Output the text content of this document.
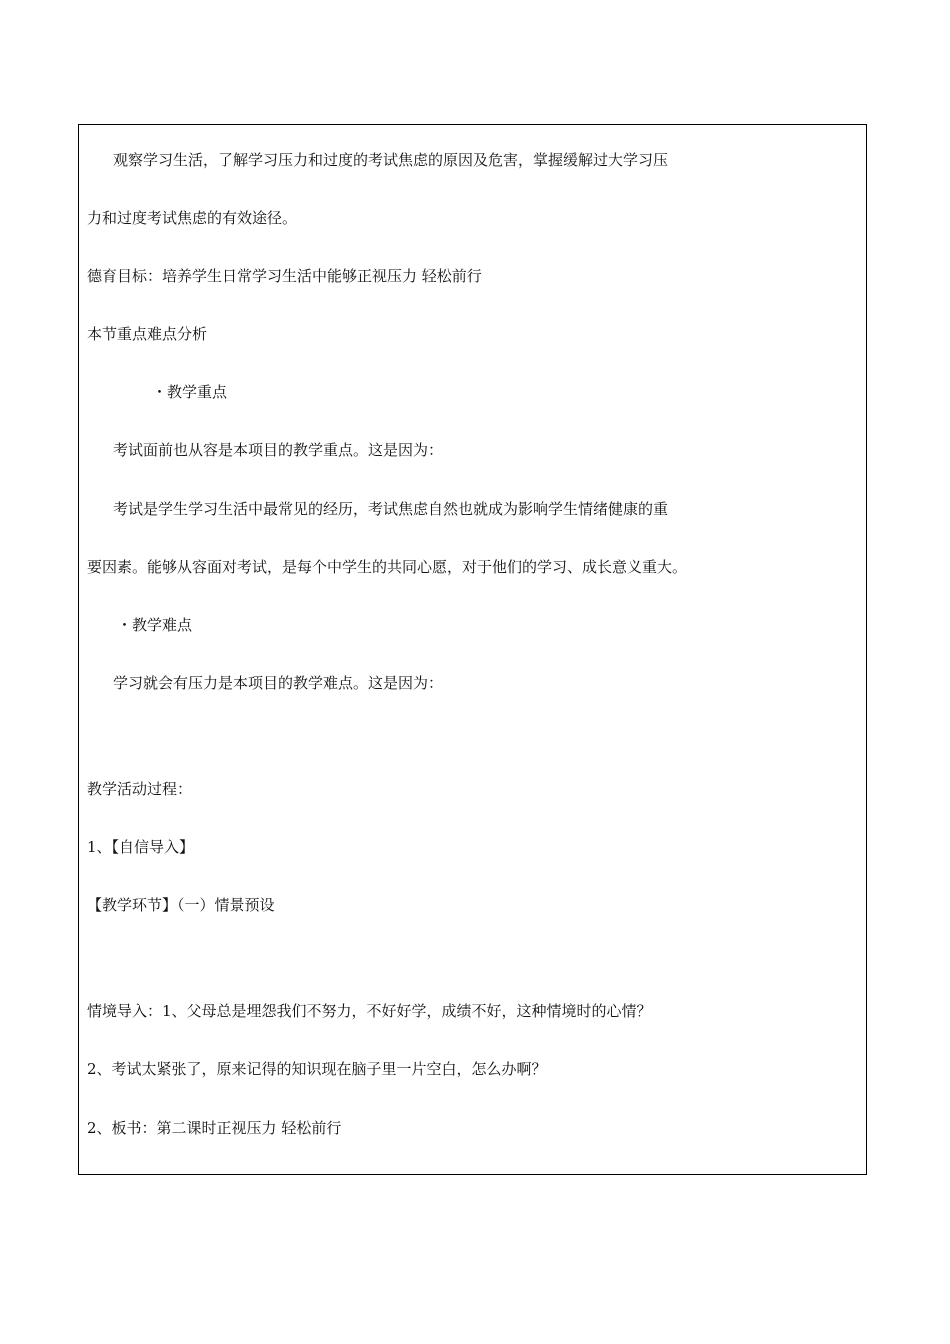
观察学习生活，了解学习压力和过度的考试焦虑的原因及危害，掌握缓解过大学习压
力和过度考试焦虑的有效途径。
德育目标：培养学生日常学习生活中能够正视压力 轻松前行
本节重点难点分析
・教学重点
考试面前也从容是本项目的教学重点。这是因为：
考试是学生学习生活中最常见的经历，考试焦虑自然也就成为影响学生情绪健康的重
要因素。能够从容面对考试，是每个中学生的共同心愿，对于他们的学习、成长意义重大。
・教学难点
学习就会有压力是本项目的教学难点。这是因为：
教学活动过程：
1、【自信导入】
【教学环节】（一）情景预设
情境导入：1、父母总是埋怨我们不努力，不好好学，成绩不好，这种情境时的心情？
2、考试太紧张了，原来记得的知识现在脑子里一片空白，怎么办啊？
2、板书：第二课时正视压力 轻松前行
